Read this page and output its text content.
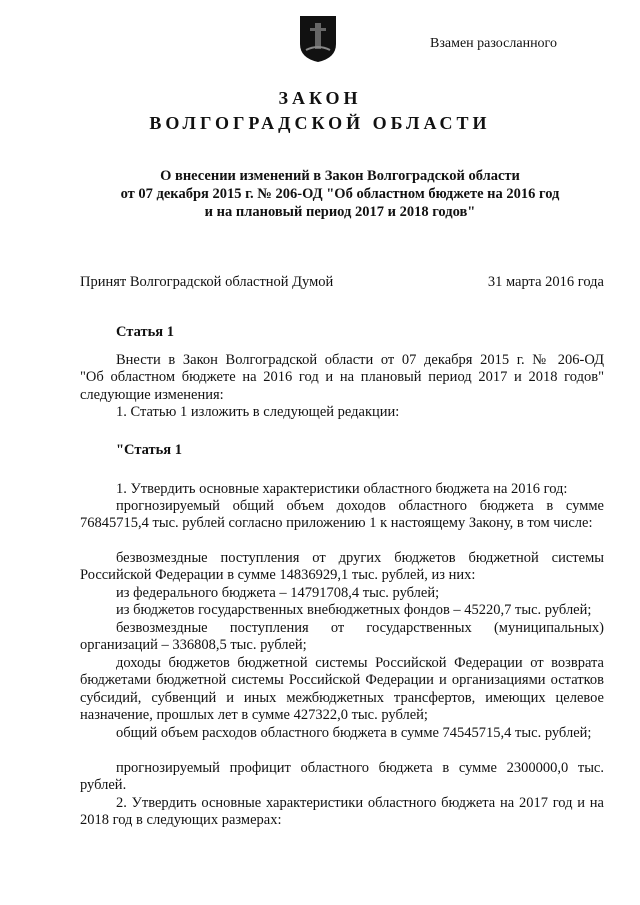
Взамен разосланного
ЗАКОН
ВОЛГОГРАДСКОЙ ОБЛАСТИ
О внесении изменений в Закон Волгоградской области
от 07 декабря 2015 г. № 206-ОД "Об областном бюджете на 2016 год
и на плановый период 2017 и 2018 годов"
Принят Волгоградской областной Думой	31 марта 2016 года
Статья 1
Внести в Закон Волгоградской области от 07 декабря 2015 г. № 206-ОД
"Об областном бюджете на 2016 год и на плановый период 2017 и 2018 годов"
следующие изменения:
1. Статью 1 изложить в следующей редакции:
"Статья 1
1. Утвердить основные характеристики областного бюджета на 2016 год:
прогнозируемый общий объем доходов областного бюджета в сумме 76845715,4 тыс. рублей согласно приложению 1 к настоящему Закону, в том числе:
безвозмездные поступления от других бюджетов бюджетной системы Российской Федерации в сумме 14836929,1 тыс. рублей, из них:
из федерального бюджета – 14791708,4 тыс. рублей;
из бюджетов государственных внебюджетных фондов – 45220,7 тыс. рублей;
безвозмездные поступления от государственных (муниципальных) организаций – 336808,5 тыс. рублей;
доходы бюджетов бюджетной системы Российской Федерации от возврата бюджетами бюджетной системы Российской Федерации и организациями остатков субсидий, субвенций и иных межбюджетных трансфертов, имеющих целевое назначение, прошлых лет в сумме 427322,0 тыс. рублей;
общий объем расходов областного бюджета в сумме 74545715,4 тыс. рублей;
прогнозируемый профицит областного бюджета в сумме 2300000,0 тыс. рублей.
2. Утвердить основные характеристики областного бюджета на 2017 год и на 2018 год в следующих размерах:
